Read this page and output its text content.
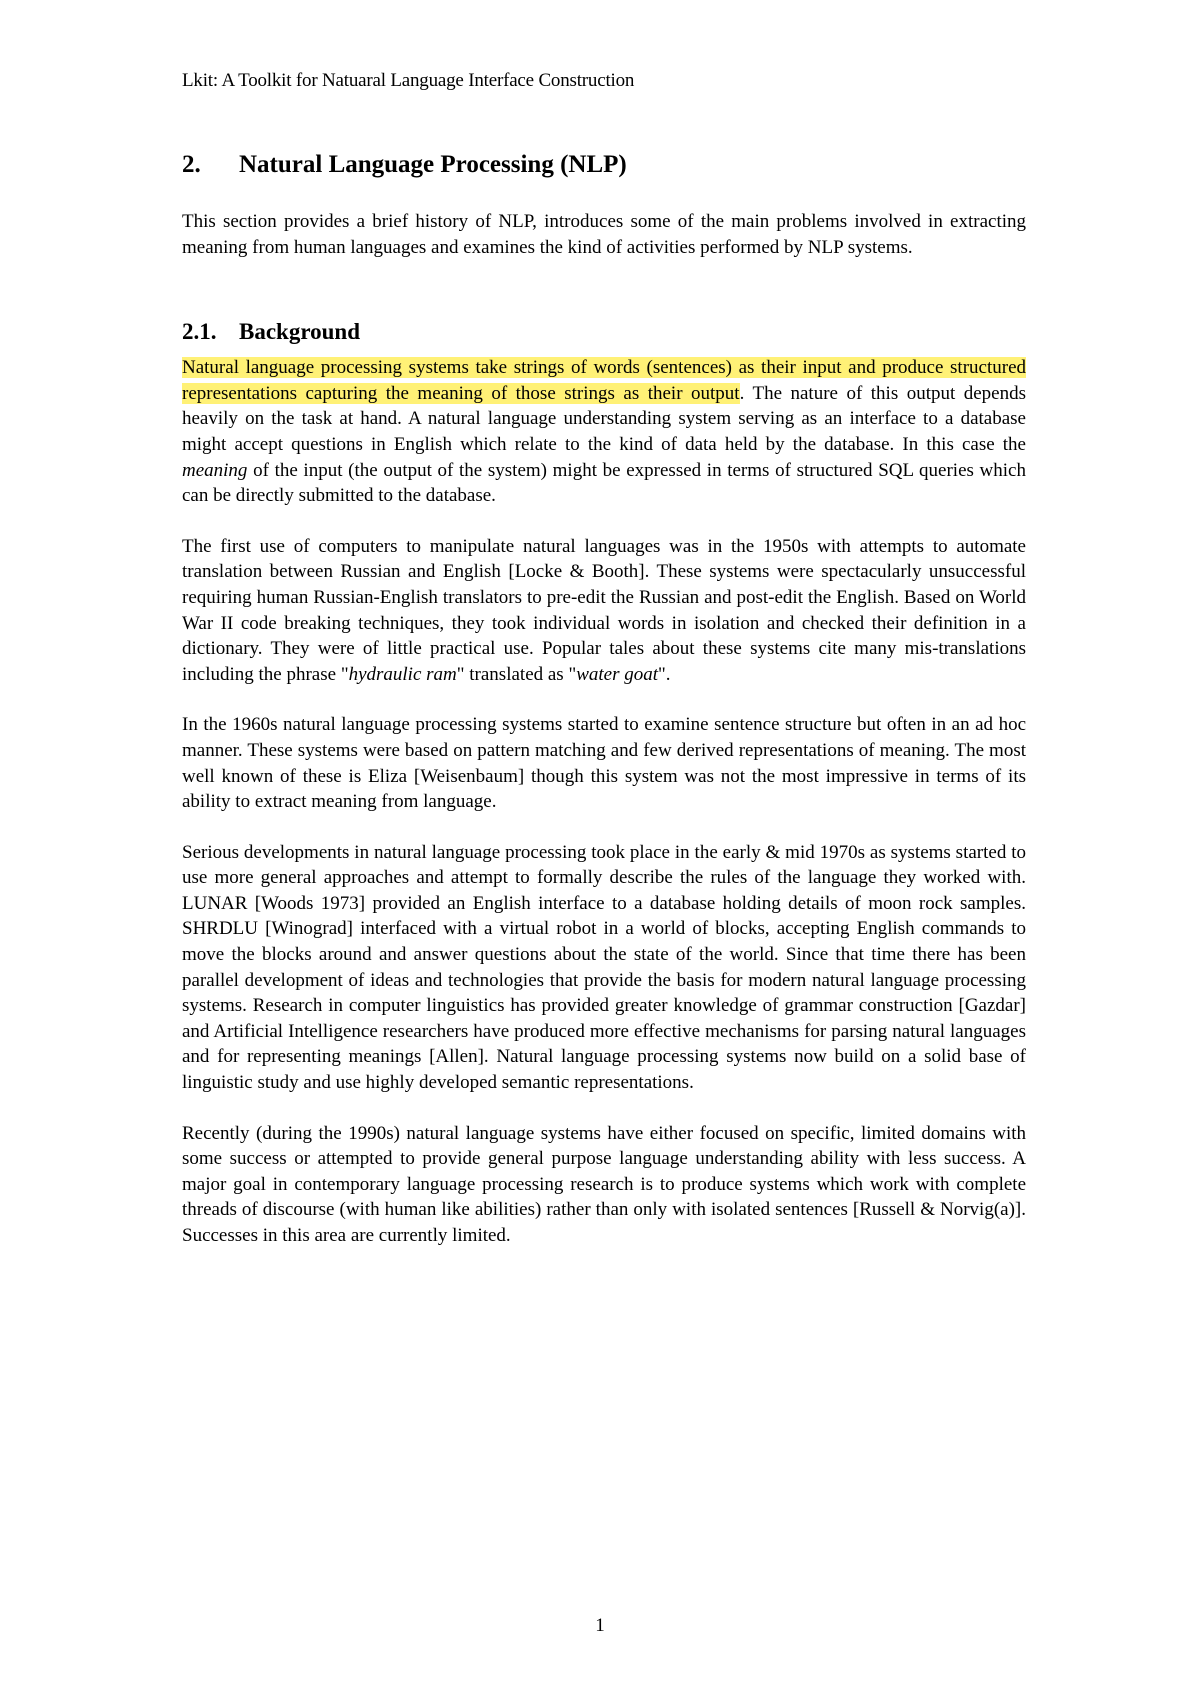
Lkit: A Toolkit for Natuaral Language Interface Construction
2.	Natural Language Processing (NLP)

This section provides a brief history of NLP, introduces some of the main problems involved in extracting meaning from human languages and examines the kind of activities performed by NLP systems.

2.1. Background

Natural language processing systems take strings of words (sentences) as their input and produce structured representations capturing the meaning of those strings as their output. The nature of this output depends heavily on the task at hand. A natural language understanding system serving as an interface to a database might accept questions in English which relate to the kind of data held by the database. In this case the meaning of the input (the output of the system) might be expressed in terms of structured SQL queries which can be directly submitted to the database.

The first use of computers to manipulate natural languages was in the 1950s with attempts to automate translation between Russian and English [Locke & Booth]. These systems were spectacularly unsuccessful requiring human Russian-English translators to pre-edit the Russian and post-edit the English. Based on World War II code breaking techniques, they took individual words in isolation and checked their definition in a dictionary. They were of little practical use. Popular tales about these systems cite many mis-translations including the phrase "hydraulic ram" translated as "water goat".

In the 1960s natural language processing systems started to examine sentence structure but often in an ad hoc manner. These systems were based on pattern matching and few derived representations of meaning. The most well known of these is Eliza [Weisenbaum] though this system was not the most impressive in terms of its ability to extract meaning from language.

Serious developments in natural language processing took place in the early & mid 1970s as systems started to use more general approaches and attempt to formally describe the rules of the language they worked with. LUNAR [Woods 1973] provided an English interface to a database holding details of moon rock samples. SHRDLU [Winograd] interfaced with a virtual robot in a world of blocks, accepting English commands to move the blocks around and answer questions about the state of the world. Since that time there has been parallel development of ideas and technologies that provide the basis for modern natural language processing systems. Research in computer linguistics has provided greater knowledge of grammar construction [Gazdar] and Artificial Intelligence researchers have produced more effective mechanisms for parsing natural languages and for representing meanings [Allen]. Natural language processing systems now build on a solid base of linguistic study and use highly developed semantic representations.

Recently (during the 1990s) natural language systems have either focused on specific, limited domains with some success or attempted to provide general purpose language understanding ability with less success. A major goal in contemporary language processing research is to produce systems which work with complete threads of discourse (with human like abilities) rather than only with isolated sentences [Russell & Norvig(a)]. Successes in this area are currently limited.

1
